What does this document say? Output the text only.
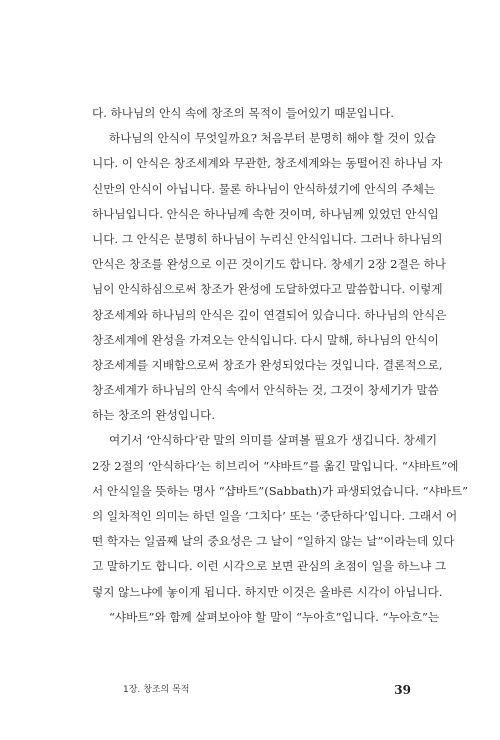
다. 하나님의 안식 속에 창조의 목적이 들어있기 때문입니다.
하나님의 안식이 무엇일까요? 처음부터 분명히 해야 할 것이 있습
니다. 이 안식은 창조세계와 무관한, 창조세계와는 동떨어진 하나님 자
신만의 안식이 아닙니다. 물론 하나님이 안식하셨기에 안식의 주체는
하나님입니다. 안식은 하나님께 속한 것이며, 하나님께 있었던 안식입
니다. 그 안식은 분명히 하나님이 누리신 안식입니다. 그러나 하나님의
안식은 창조를 완성으로 이끈 것이기도 합니다. 창세기 2장 2절은 하나
님이 안식하심으로써 창조가 완성에 도달하였다고 말씀합니다. 이렇게
창조세계와 하나님의 안식은 깊이 연결되어 있습니다. 하나님의 안식은
창조세계에 완성을 가져오는 안식입니다. 다시 말해, 하나님의 안식이
창조세계를 지배함으로써 창조가 완성되었다는 것입니다. 결론적으로,
창조세계가 하나님의 안식 속에서 안식하는 것, 그것이 창세기가 말씀
하는 창조의 완성입니다.
여기서 ‘안식하다’란 말의 의미를 살펴볼 필요가 생깁니다. 창세기
2장 2절의 ‘안식하다’는 히브리어 “샤바트”를 옮긴 말입니다. “샤바트”에
서 안식일을 뜻하는 명사 “샵바트”(Sabbath)가 파생되었습니다. “샤바트”
의 일차적인 의미는 하던 일을 ‘그치다’ 또는 ‘중단하다’입니다. 그래서 어
떤 학자는 일곱째 날의 중요성은 그 날이 “일하지 않는 날”이라는데 있다
고 말하기도 합니다. 이런 시각으로 보면 관심의 초점이 일을 하느냐 그
렇지 않느냐에 놓이게 됩니다. 하지만 이것은 올바른 시각이 아닙니다.
“샤바트”와 함께 살펴보아야 할 말이 “누아흐”입니다. “누아흐”는
1장. 창조의 목적	39
